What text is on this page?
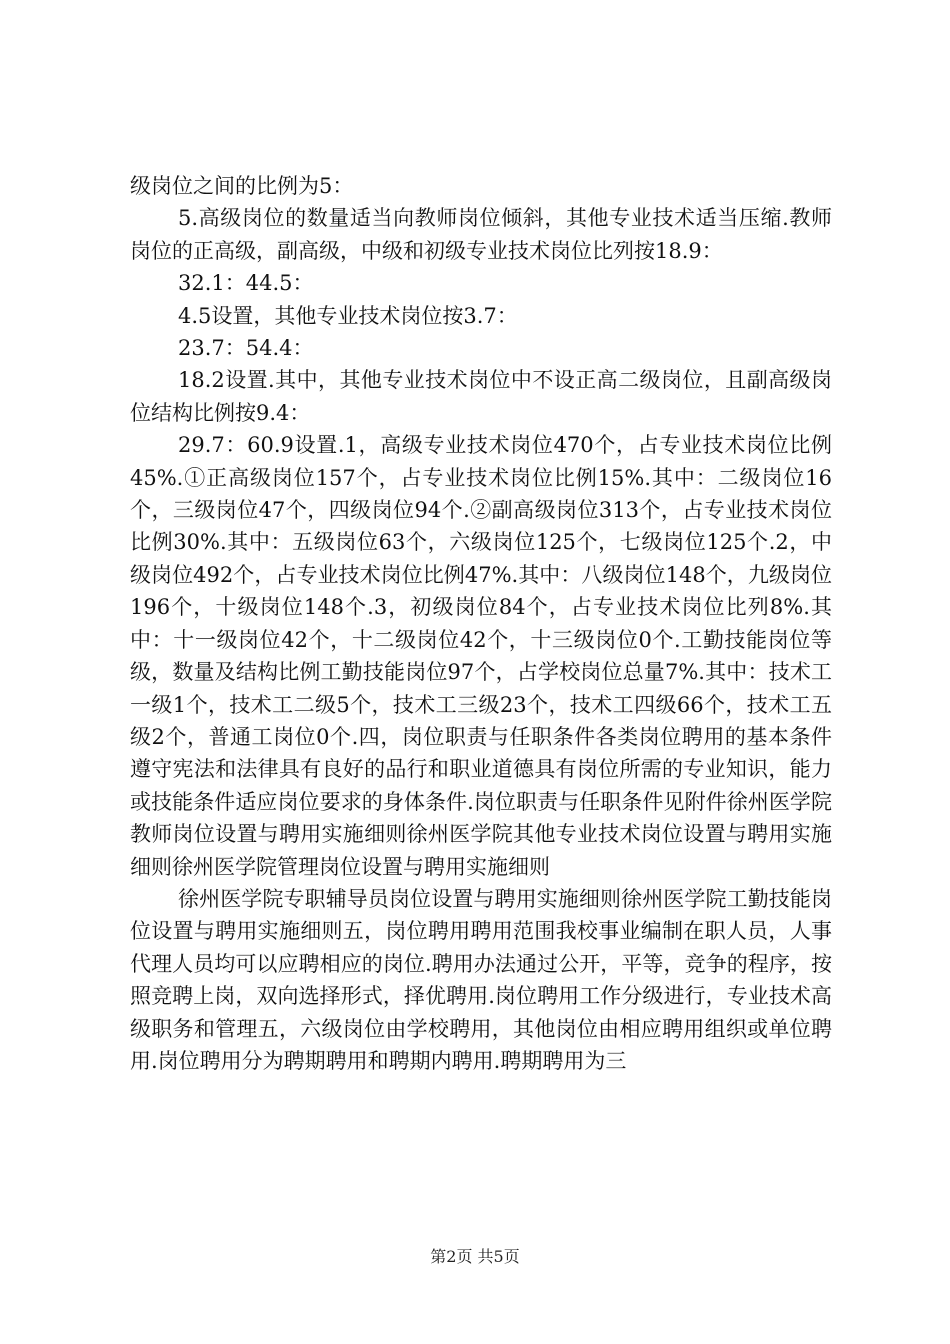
级岗位之间的比例为5：

5.高级岗位的数量适当向教师岗位倾斜，其他专业技术适当压缩.教师岗位的正高级，副高级，中级和初级专业技术岗位比列按18.9：

32.1：44.5：

4.5设置，其他专业技术岗位按3.7：

23.7：54.4：

18.2设置.其中，其他专业技术岗位中不设正高二级岗位，且副高级岗位结构比例按9.4：

29.7：60.9设置.1，高级专业技术岗位470个，占专业技术岗位比例45%.①正高级岗位157个，占专业技术岗位比例15%.其中：二级岗位16个，三级岗位47个，四级岗位94个.②副高级岗位313个，占专业技术岗位比例30%.其中：五级岗位63个，六级岗位125个，七级岗位125个.2，中级岗位492个，占专业技术岗位比例47%.其中：八级岗位148个，九级岗位196个，十级岗位148个.3，初级岗位84个，占专业技术岗位比列8%.其中：十一级岗位42个，十二级岗位42个，十三级岗位0个.工勤技能岗位等级，数量及结构比例工勤技能岗位97个，占学校岗位总量7%.其中：技术工一级1个，技术工二级5个，技术工三级23个，技术工四级66个，技术工五级2个，普通工岗位0个.四，岗位职责与任职条件各类岗位聘用的基本条件遵守宪法和法律具有良好的品行和职业道德具有岗位所需的专业知识，能力或技能条件适应岗位要求的身体条件.岗位职责与任职条件见附件徐州医学院教师岗位设置与聘用实施细则徐州医学院其他专业技术岗位设置与聘用实施细则徐州医学院管理岗位设置与聘用实施细则

徐州医学院专职辅导员岗位设置与聘用实施细则徐州医学院工勤技能岗位设置与聘用实施细则五，岗位聘用聘用范围我校事业编制在职人员，人事代理人员均可以应聘相应的岗位.聘用办法通过公开，平等，竞争的程序，按照竞聘上岗，双向选择形式，择优聘用.岗位聘用工作分级进行，专业技术高级职务和管理五，六级岗位由学校聘用，其他岗位由相应聘用组织或单位聘用.岗位聘用分为聘期聘用和聘期内聘用.聘期聘用为三

第2页 共5页
